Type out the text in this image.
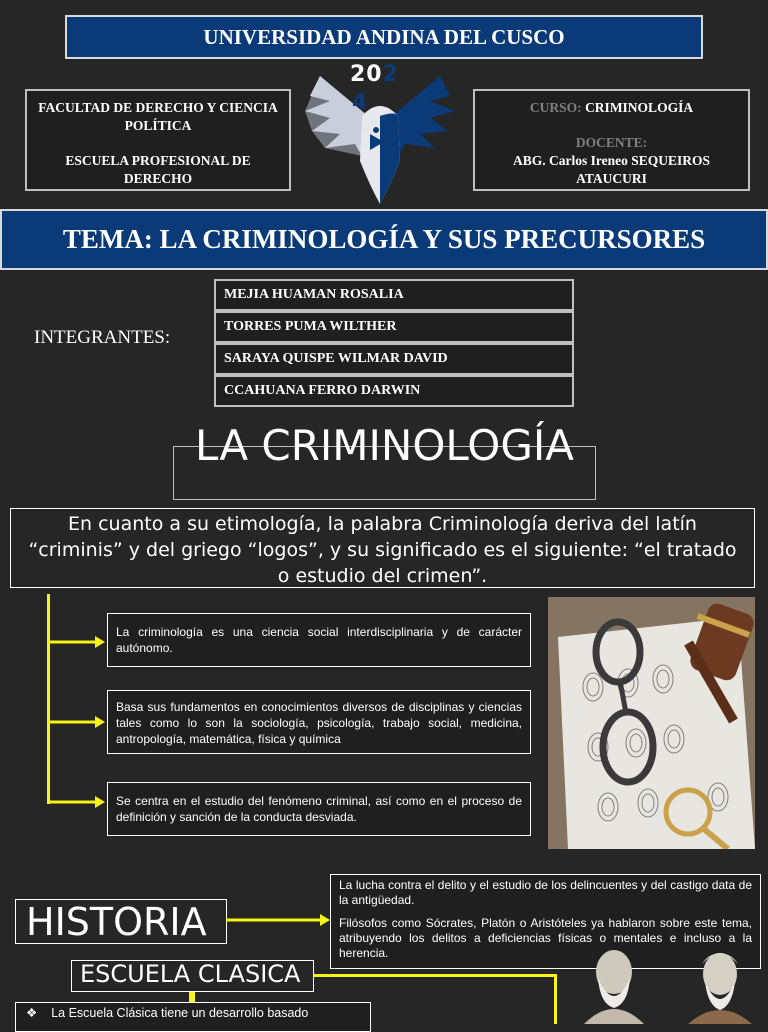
UNIVERSIDAD ANDINA DEL CUSCO

FACULTAD DE DERECHO Y CIENCIA POLÍTICA

ESCUELA PROFESIONAL DE DERECHO

202
4	CURSO: CRIMINOLOGÍA

DOCENTE:

ABG. Carlos Ireneo SEQUEIROS ATAUCURI

TEMA: LA CRIMINOLOGÍA Y SUS PRECURSORES
INTEGRANTES:
MEJIA HUAMAN ROSALIA
TORRES PUMA WILTHER
SARAYA QUISPE WILMAR DAVID
CCAHUANA FERRO DARWIN
LA CRIMINOLOGÍA
En cuanto a su etimología, la palabra Criminología deriva del latín “criminis” y del griego “logos”, y su significado es el siguiente: “el tratado o estudio del crimen”.
La criminología es una ciencia social interdisciplinaria y de carácter autónomo.
Basa sus fundamentos en conocimientos diversos de disciplinas y ciencias tales como lo son la sociología, psicología, trabajo social, medicina, antropología, matemática, física y química
Se centra en el estudio del fenómeno criminal, así como en el proceso de definición y sanción de la conducta desviada.
HISTORIA

La lucha contra el delito y el estudio de los delincuentes y del castigo data de la antigüedad.

Filósofos como Sócrates, Platón o Aristóteles ya hablaron sobre este tema, atribuyendo los delitos a deficiencias físicas o mentales e incluso a la herencia.

ESCUELA CLASICA
❖ La Escuela Clásica tiene un desarrollo basado
